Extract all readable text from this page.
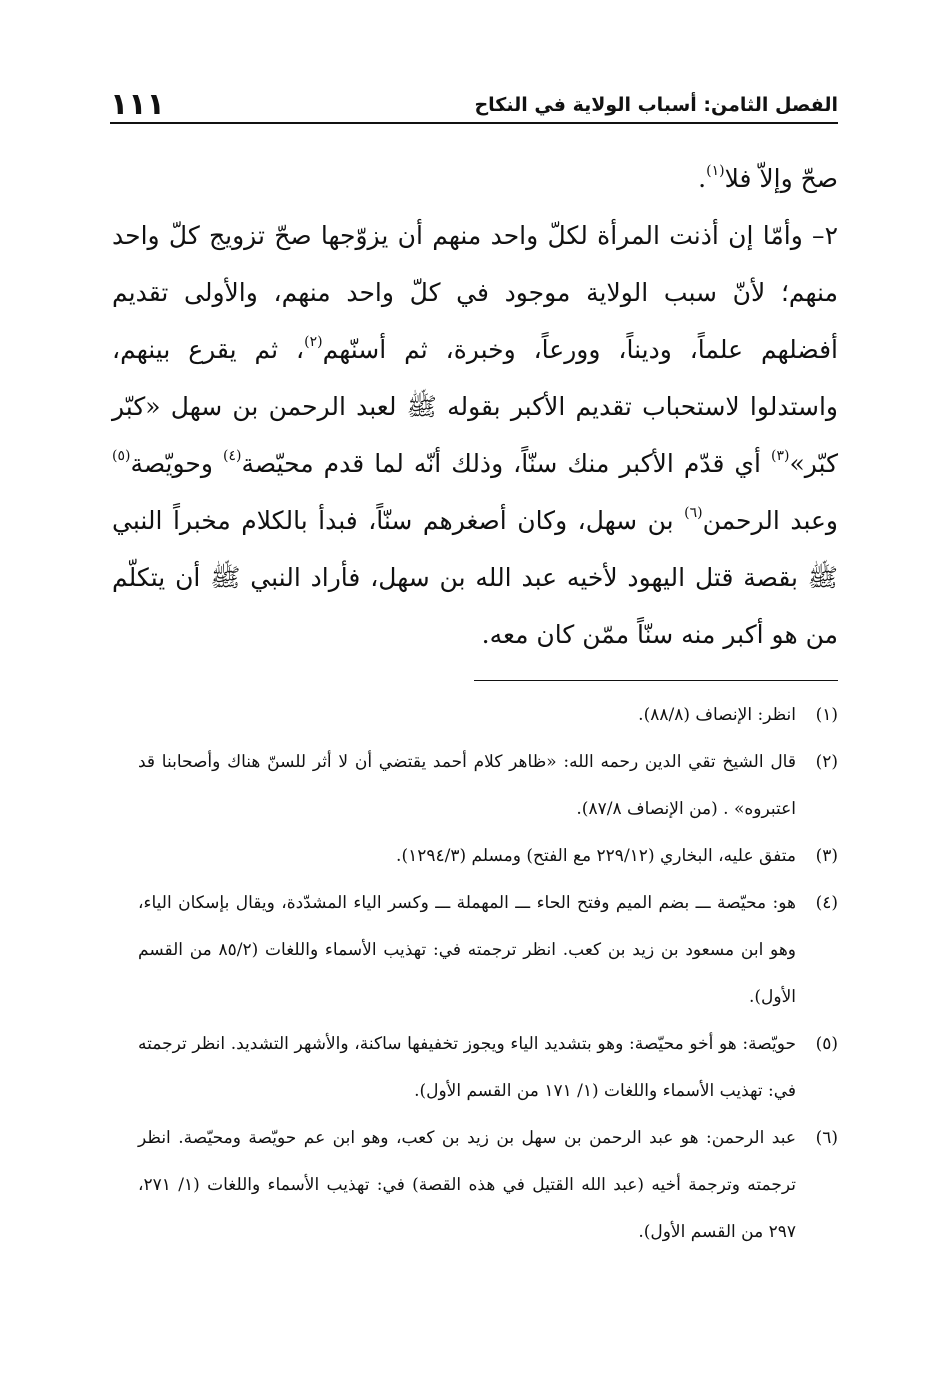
الفصل الثامن: أسباب الولاية في النكاح
١١١

صحّ وإلاّ فلا$^{(١)}$.

٢– وأمّا إن أذنت المرأة لكلّ واحد منهم أن يزوّجها صحّ تزويج كلّ واحد منهم؛ لأنّ سبب الولاية موجود في كلّ واحد منهم، والأولى تقديم أفضلهم علماً، وديناً، وورعاً، وخبرة، ثم أسنّهم$^{(٢)}$، ثم يقرع بينهم، واستدلوا لاستحباب تقديم الأكبر بقوله ﷺ لعبد الرحمن بن سهل «كبّر كبّر»$^{(٣)}$ أي قدّم الأكبر منك سنّاً، وذلك أنّه لما قدم محيّصة$^{(٤)}$ وحويّصة$^{(٥)}$ وعبد الرحمن$^{(٦)}$ بن سهل، وكان أصغرهم سنّاً، فبدأ بالكلام مخبراً النبي ﷺ بقصة قتل اليهود لأخيه عبد الله بن سهل، فأراد النبي ﷺ أن يتكلّم من هو أكبر منه سنّاً ممّن كان معه.

(١)
انظر: الإنصاف (٨٨/٨).

(٢)
قال الشيخ تقي الدين رحمه الله: «ظاهر كلام أحمد يقتضي أن لا أثر للسنّ هناك وأصحابنا قد اعتبروه» . (من الإنصاف ٨٧/٨).

(٣)
متفق عليه، البخاري (٢٢٩/١٢ مع الفتح) ومسلم (١٢٩٤/٣).

(٤)
هو: محيّصة ـــ بضم الميم وفتح الحاء ـــ المهملة ـــ وكسر الياء المشدّدة، ويقال بإسكان الياء، وهو ابن مسعود بن زيد بن كعب. انظر ترجمته في: تهذيب الأسماء واللغات (٨٥/٢ من القسم الأول).

(٥)
حويّصة: هو أخو محيّصة: وهو بتشديد الياء ويجوز تخفيفها ساكنة، والأشهر التشديد. انظر ترجمته في: تهذيب الأسماء واللغات (١/ ١٧١ من القسم الأول).

(٦)
عبد الرحمن: هو عبد الرحمن بن سهل بن زيد بن كعب، وهو ابن عم حويّصة ومحيّصة. انظر ترجمته وترجمة أخيه (عبد الله القتيل في هذه القصة) في: تهذيب الأسماء واللغات (١/ ٢٧١، ٢٩٧ من القسم الأول).
